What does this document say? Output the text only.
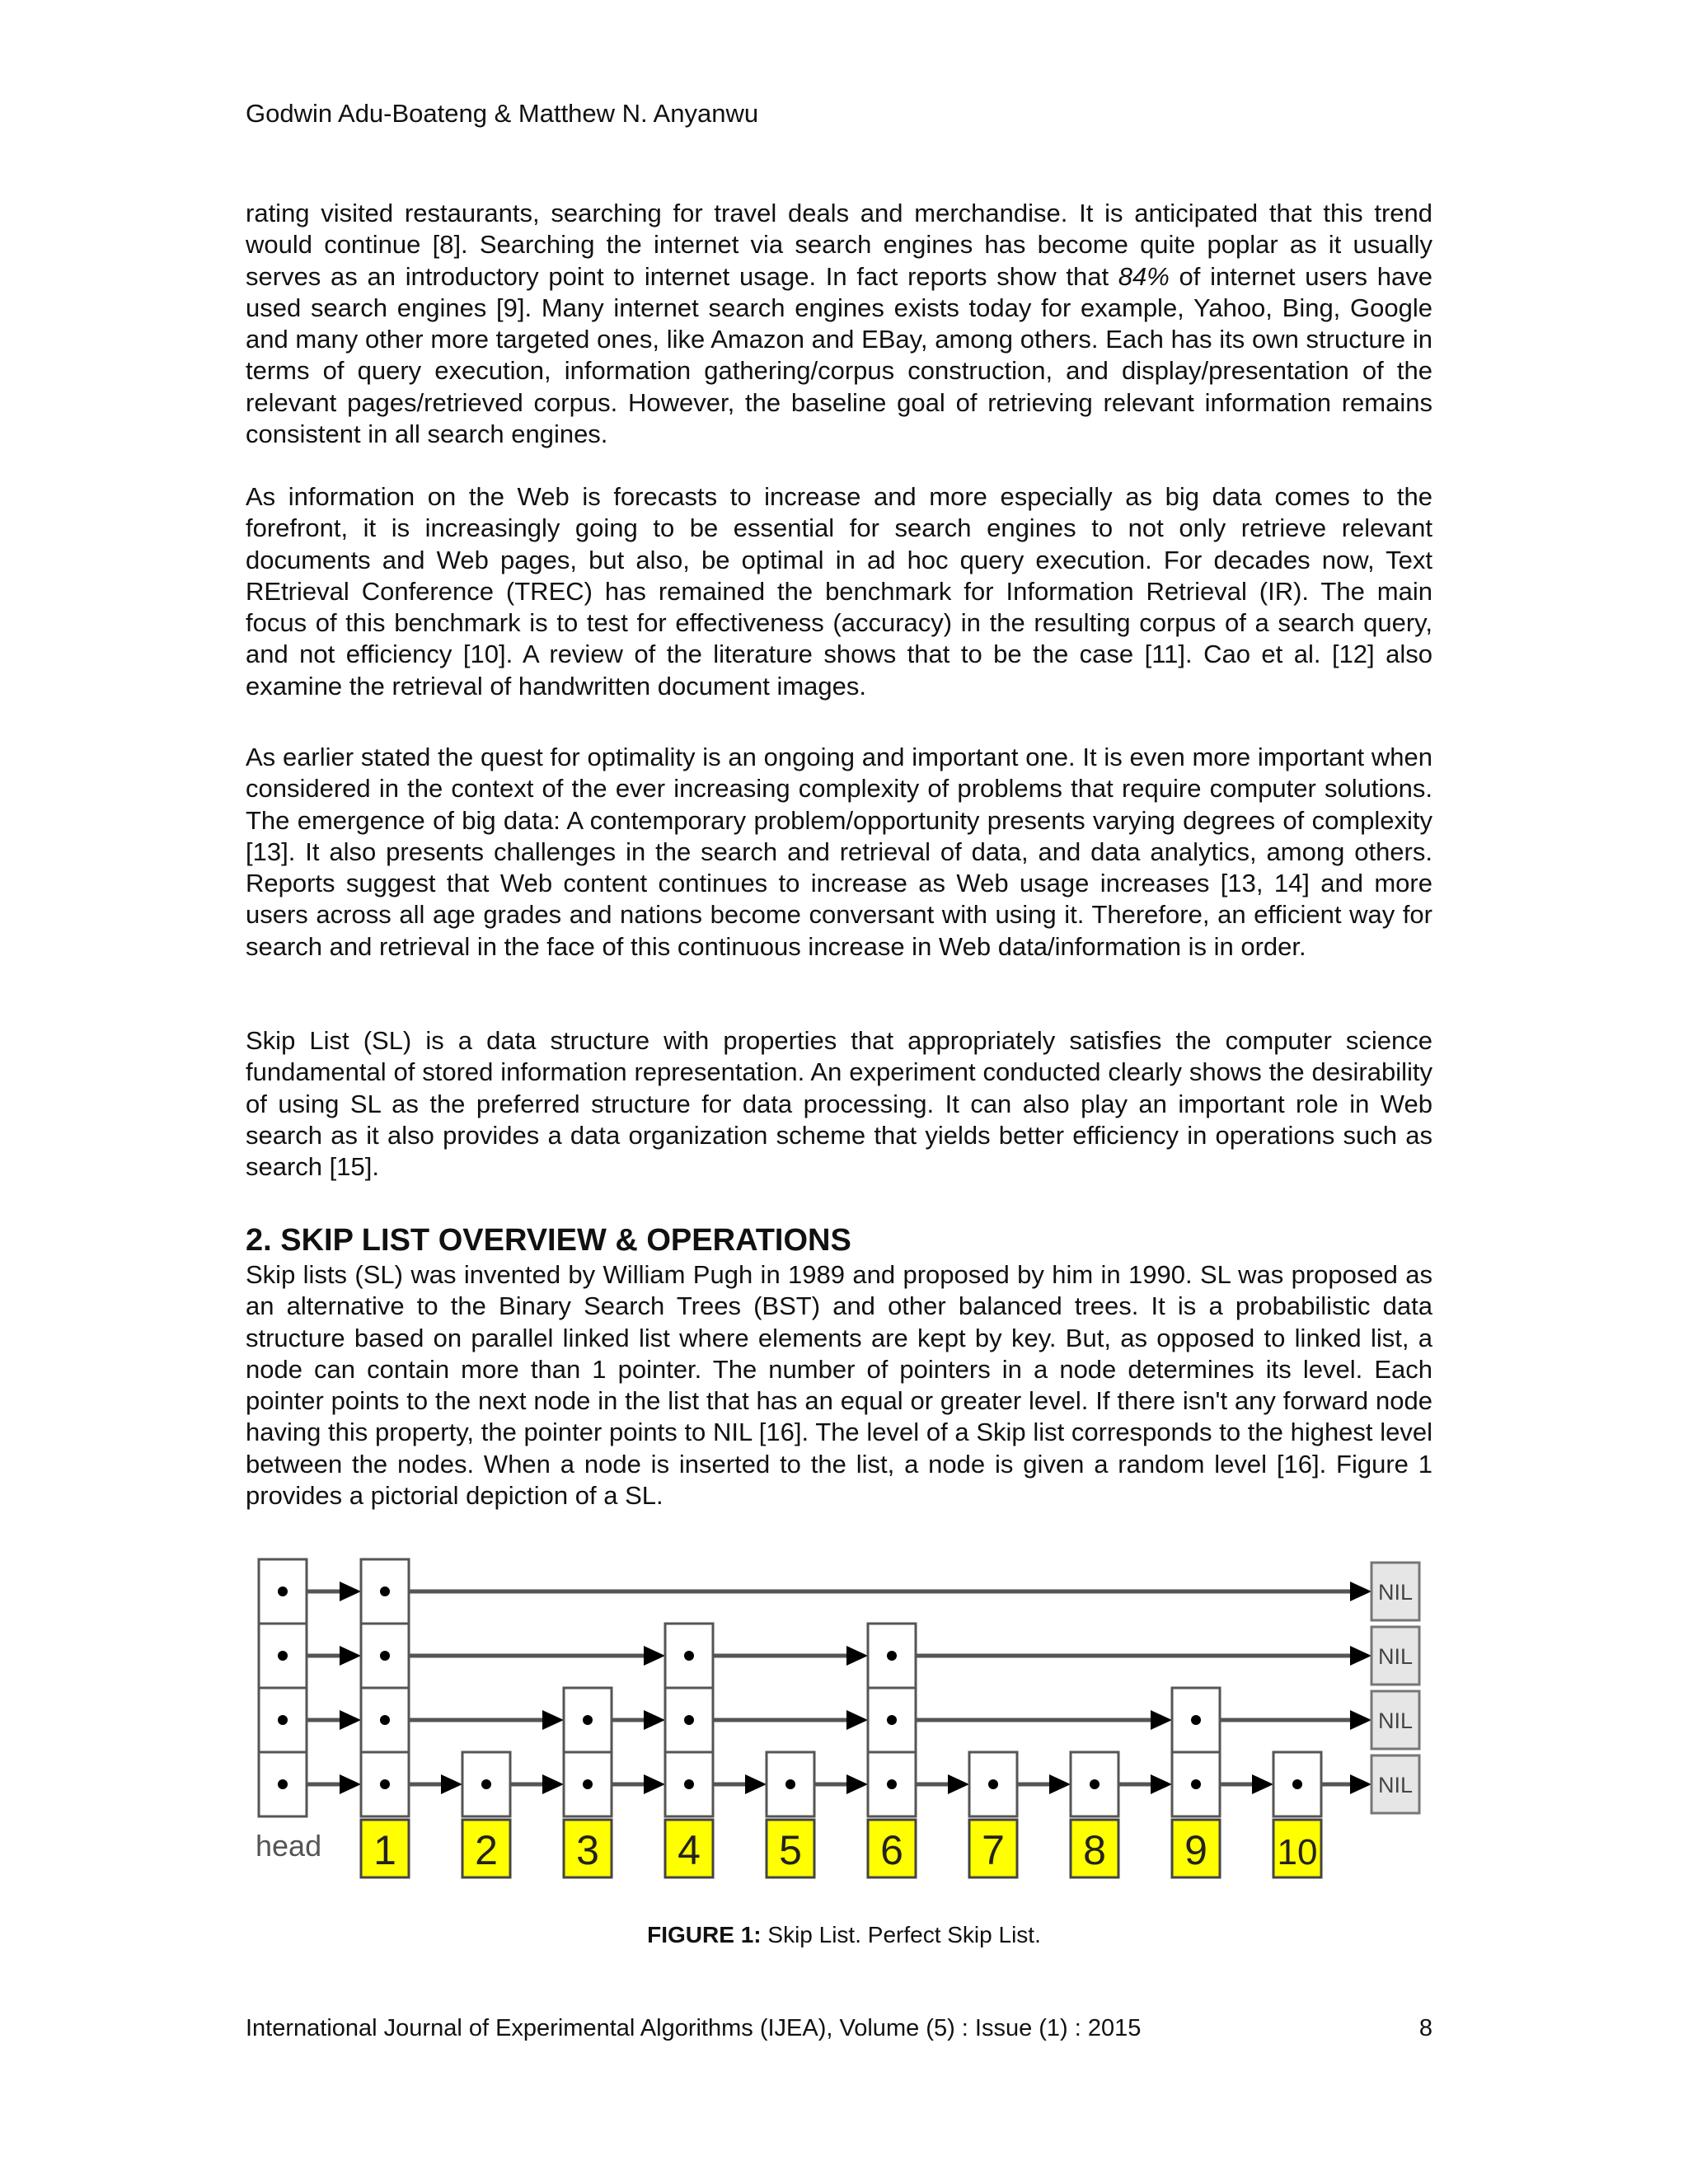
Godwin Adu-Boateng & Matthew N. Anyanwu

rating visited restaurants, searching for travel deals and merchandise. It is anticipated that this trend would continue [8]. Searching the internet via search engines has become quite poplar as it usually serves as an introductory point to internet usage. In fact reports show that 84% of internet users have used search engines [9]. Many internet search engines exists today for example, Yahoo, Bing, Google and many other more targeted ones, like Amazon and EBay, among others. Each has its own structure in terms of query execution, information gathering/corpus construction, and display/presentation of the relevant pages/retrieved corpus. However, the baseline goal of retrieving relevant information remains consistent in all search engines.

As information on the Web is forecasts to increase and more especially as big data comes to the forefront, it is increasingly going to be essential for search engines to not only retrieve relevant documents and Web pages, but also, be optimal in ad hoc query execution. For decades now, Text REtrieval Conference (TREC) has remained the benchmark for Information Retrieval (IR). The main focus of this benchmark is to test for effectiveness (accuracy) in the resulting corpus of a search query, and not efficiency [10]. A review of the literature shows that to be the case [11]. Cao et al. [12] also examine the retrieval of handwritten document images.

As earlier stated the quest for optimality is an ongoing and important one. It is even more important when considered in the context of the ever increasing complexity of problems that require computer solutions. The emergence of big data: A contemporary problem/opportunity presents varying degrees of complexity [13]. It also presents challenges in the search and retrieval of data, and data analytics, among others. Reports suggest that Web content continues to increase as Web usage increases [13, 14] and more users across all age grades and nations become conversant with using it. Therefore, an efficient way for search and retrieval in the face of this continuous increase in Web data/information is in order.

Skip List (SL) is a data structure with properties that appropriately satisfies the computer science fundamental of stored information representation. An experiment conducted clearly shows the desirability of using SL as the preferred structure for data processing. It can also play an important role in Web search as it also provides a data organization scheme that yields better efficiency in operations such as search [15].

2. SKIP LIST OVERVIEW & OPERATIONS

Skip lists (SL) was invented by William Pugh in 1989 and proposed by him in 1990. SL was proposed as an alternative to the Binary Search Trees (BST) and other balanced trees. It is a probabilistic data structure based on parallel linked list where elements are kept by key. But, as opposed to linked list, a node can contain more than 1 pointer. The number of pointers in a node determines its level. Each pointer points to the next node in the list that has an equal or greater level. If there isn't any forward node having this property, the pointer points to NIL [16]. The level of a Skip list corresponds to the highest level between the nodes. When a node is inserted to the list, a node is given a random level [16]. Figure 1 provides a pictorial depiction of a SL.

NIL
NIL
NIL
NIL
1 2 3 4 5 6 7 8 9 10
head
FIGURE 1: Skip List. Perfect Skip List.
International Journal of Experimental Algorithms (IJEA), Volume (5) : Issue (1) : 2015	8
